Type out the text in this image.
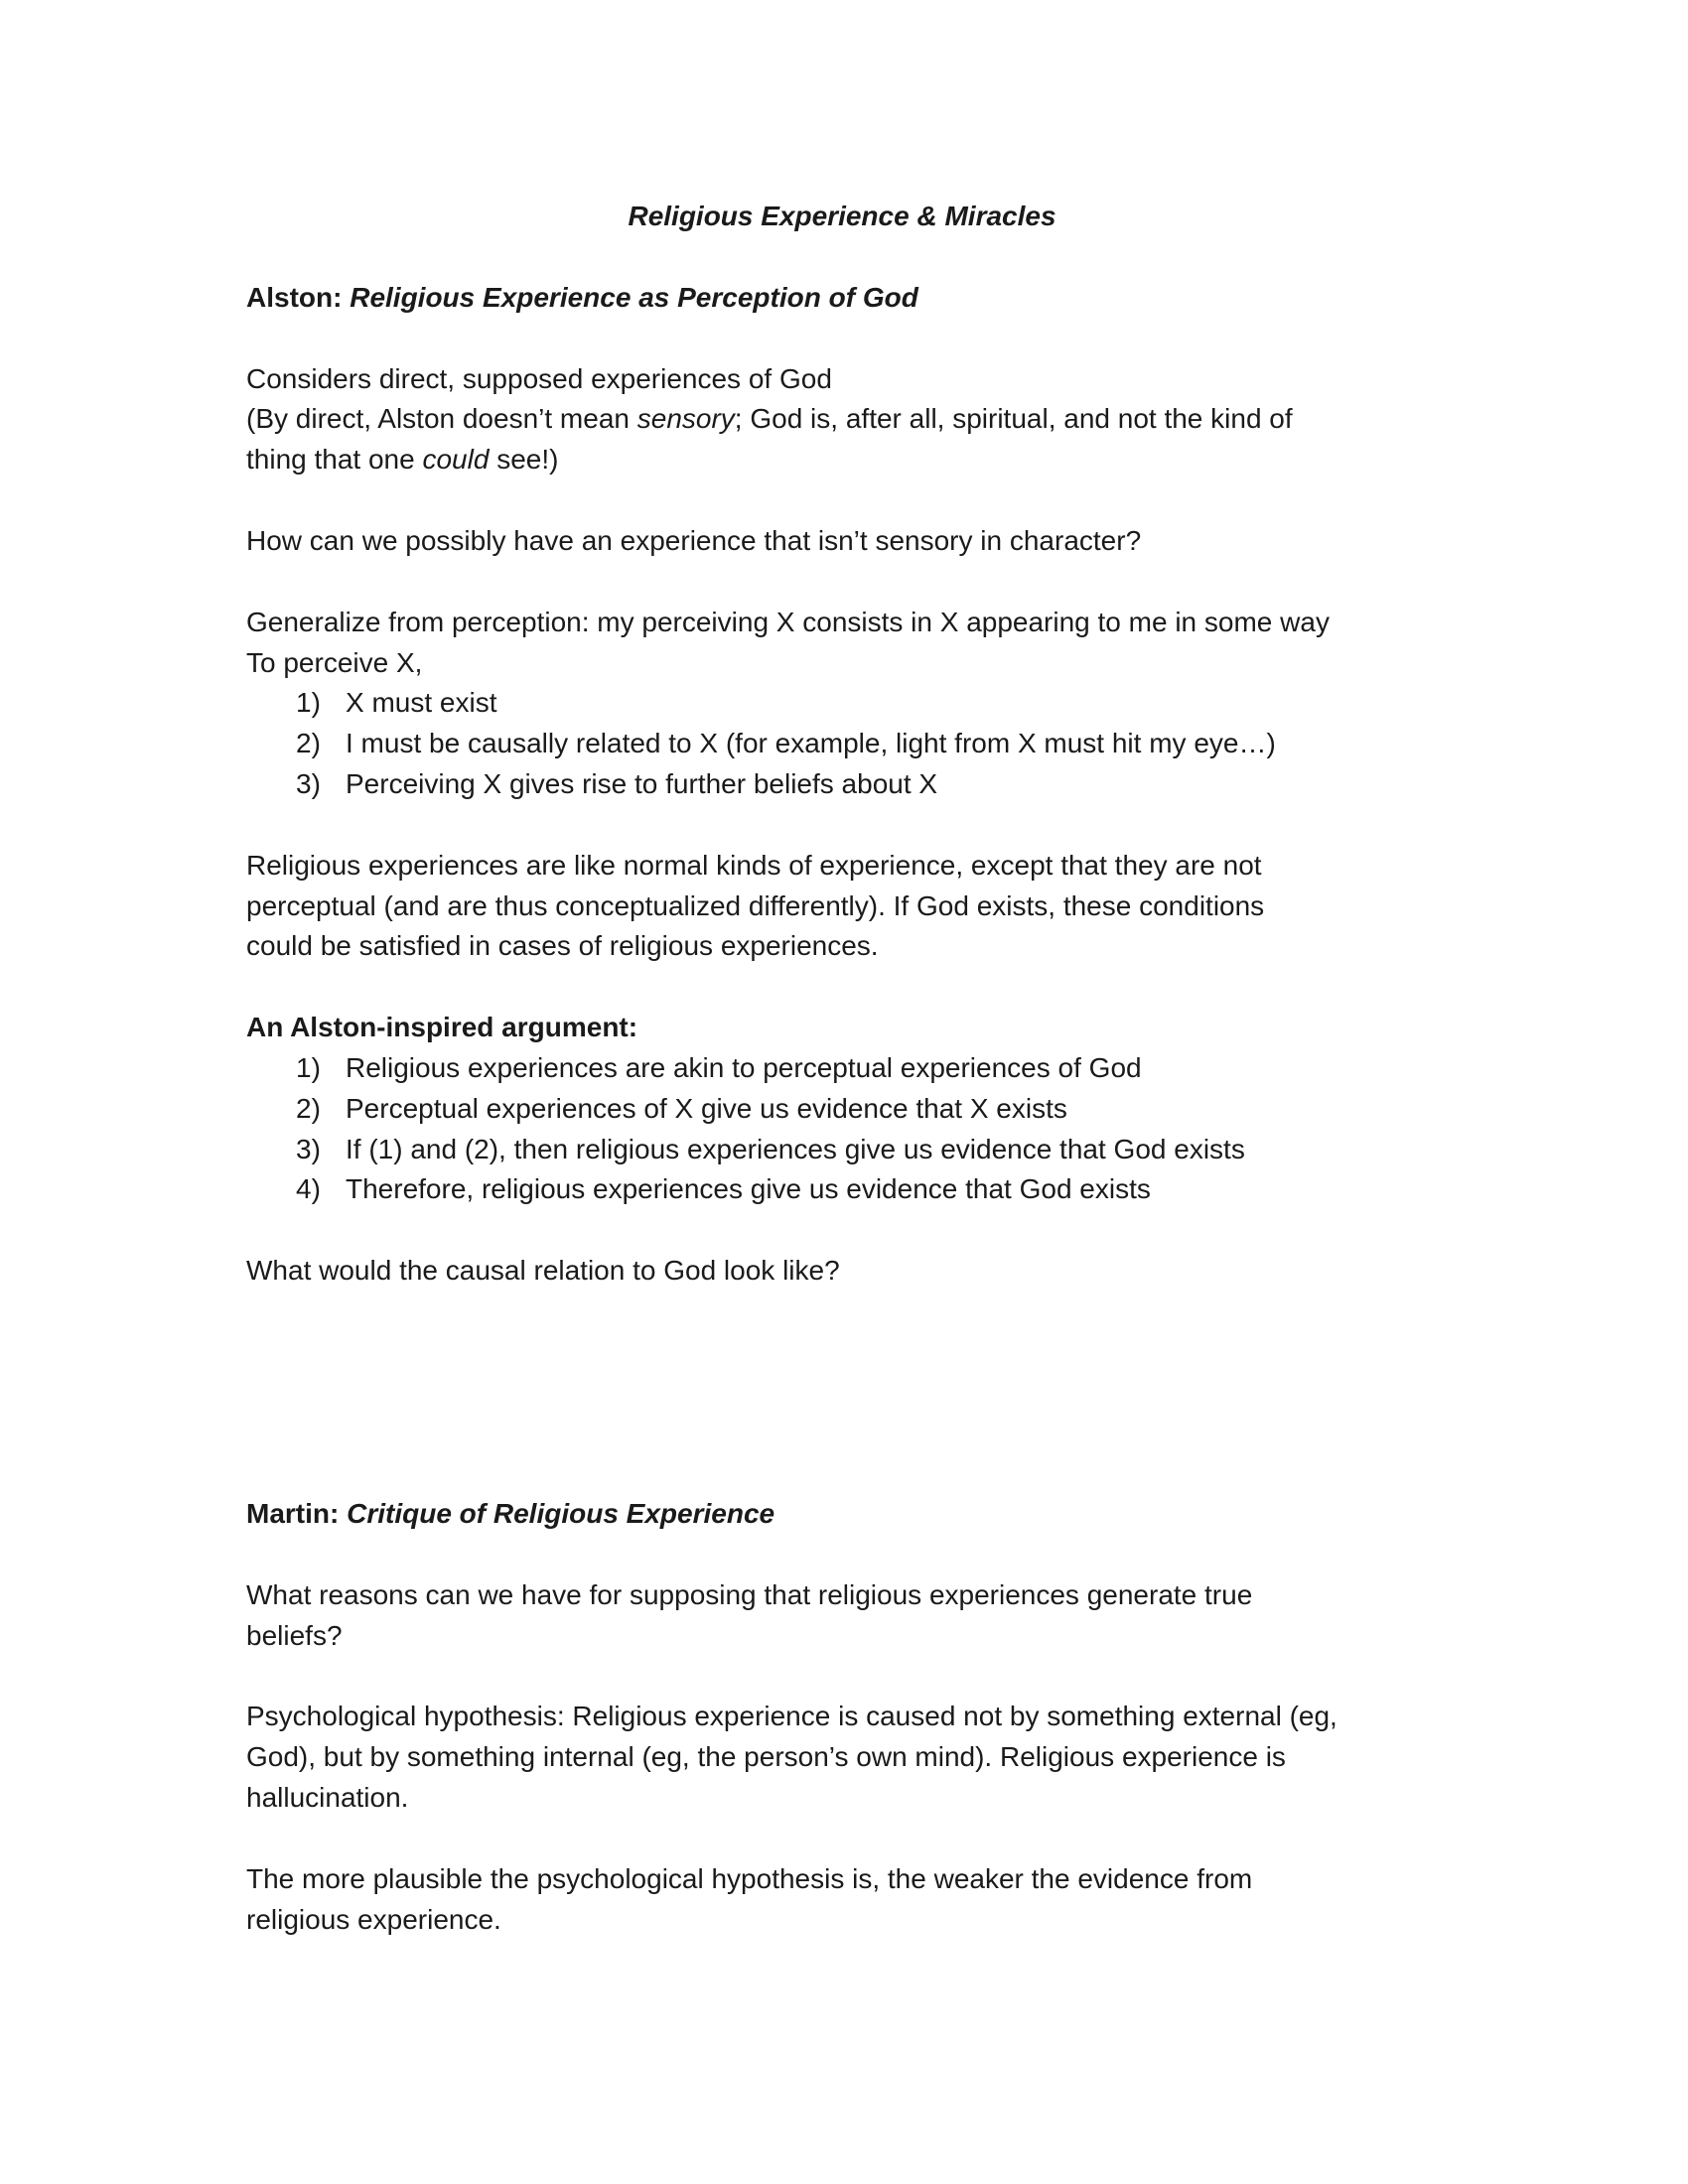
Religious Experience & Miracles
Alston: Religious Experience as Perception of God

Considers direct, supposed experiences of God
(By direct, Alston doesn’t mean sensory; God is, after all, spiritual, and not the kind of
thing that one could see!)

How can we possibly have an experience that isn’t sensory in character?

Generalize from perception: my perceiving X consists in X appearing to me in some way
To perceive X,

1) X must exist
2) I must be causally related to X (for example, light from X must hit my eye…)
3) Perceiving X gives rise to further beliefs about X

Religious experiences are like normal kinds of experience, except that they are not
perceptual (and are thus conceptualized differently). If God exists, these conditions
could be satisfied in cases of religious experiences.

An Alston-inspired argument:

1) Religious experiences are akin to perceptual experiences of God
2) Perceptual experiences of X give us evidence that X exists
3) If (1) and (2), then religious experiences give us evidence that God exists
4) Therefore, religious experiences give us evidence that God exists

What would the causal relation to God look like?

Martin: Critique of Religious Experience

What reasons can we have for supposing that religious experiences generate true
beliefs?

Psychological hypothesis: Religious experience is caused not by something external (eg,
God), but by something internal (eg, the person’s own mind). Religious experience is
hallucination.

The more plausible the psychological hypothesis is, the weaker the evidence from
religious experience.
